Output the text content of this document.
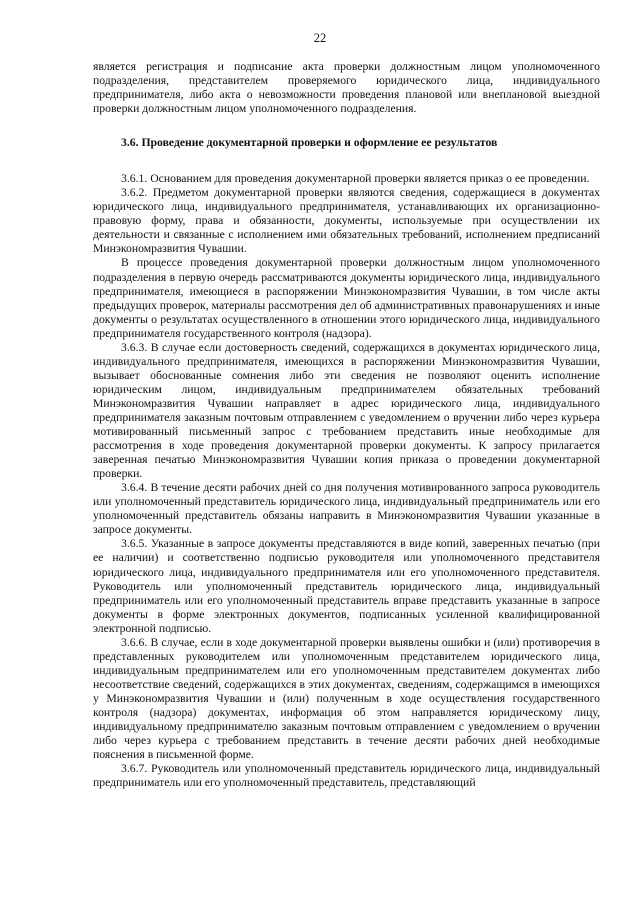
22

является регистрация и подписание акта проверки должностным лицом уполномоченного подразделения, представителем проверяемого юридического лица, индивидуального предпринимателя, либо акта о невозможности проведения плановой или внеплановой выездной проверки должностным лицом уполномоченного подразделения.

3.6. Проведение документарной проверки и оформление ее результатов

3.6.1. Основанием для проведения документарной проверки является приказ о ее проведении.

3.6.2. Предметом документарной проверки являются сведения, содержащиеся в документах юридического лица, индивидуального предпринимателя, устанавливающих их организационно-правовую форму, права и обязанности, документы, используемые при осуществлении их деятельности и связанные с исполнением ими обязательных требований, исполнением предписаний Минэкономразвития Чувашии.

В процессе проведения документарной проверки должностным лицом уполномоченного подразделения в первую очередь рассматриваются документы юридического лица, индивидуального предпринимателя, имеющиеся в распоряжении Минэкономразвития Чувашии, в том числе акты предыдущих проверок, материалы рассмотрения дел об административных правонарушениях и иные документы о результатах осуществленного в отношении этого юридического лица, индивидуального предпринимателя государственного контроля (надзора).

3.6.3. В случае если достоверность сведений, содержащихся в документах юридического лица, индивидуального предпринимателя, имеющихся в распоряжении Минэкономразвития Чувашии, вызывает обоснованные сомнения либо эти сведения не позволяют оценить исполнение юридическим лицом, индивидуальным предпринимателем обязательных требований Минэкономразвития Чувашии направляет в адрес юридического лица, индивидуального предпринимателя заказным почтовым отправлением с уведомлением о вручении либо через курьера мотивированный письменный запрос с требованием представить иные необходимые для рассмотрения в ходе проведения документарной проверки документы. К запросу прилагается заверенная печатью Минэкономразвития Чувашии копия приказа о проведении документарной проверки.

3.6.4. В течение десяти рабочих дней со дня получения мотивированного запроса руководитель или уполномоченный представитель юридического лица, индивидуальный предприниматель или его уполномоченный представитель обязаны направить в Минэкономразвития Чувашии указанные в запросе документы.

3.6.5. Указанные в запросе документы представляются в виде копий, заверенных печатью (при ее наличии) и соответственно подписью руководителя или уполномоченного представителя юридического лица, индивидуального предпринимателя или его уполномоченного представителя. Руководитель или уполномоченный представитель юридического лица, индивидуальный предприниматель или его уполномоченный представитель вправе представить указанные в запросе документы в форме электронных документов, подписанных усиленной квалифицированной электронной подписью.

3.6.6. В случае, если в ходе документарной проверки выявлены ошибки и (или) противоречия в представленных руководителем или уполномоченным представителем юридического лица, индивидуальным предпринимателем или его уполномоченным представителем документах либо несоответствие сведений, содержащихся в этих документах, сведениям, содержащимся в имеющихся у Минэкономразвития Чувашии и (или) полученным в ходе осуществления государственного контроля (надзора) документах, информация об этом направляется юридическому лицу, индивидуальному предпринимателю заказным почтовым отправлением с уведомлением о вручении либо через курьера с требованием представить в течение десяти рабочих дней необходимые пояснения в письменной форме.

3.6.7. Руководитель или уполномоченный представитель юридического лица, индивидуальный предприниматель или его уполномоченный представитель, представляющий
